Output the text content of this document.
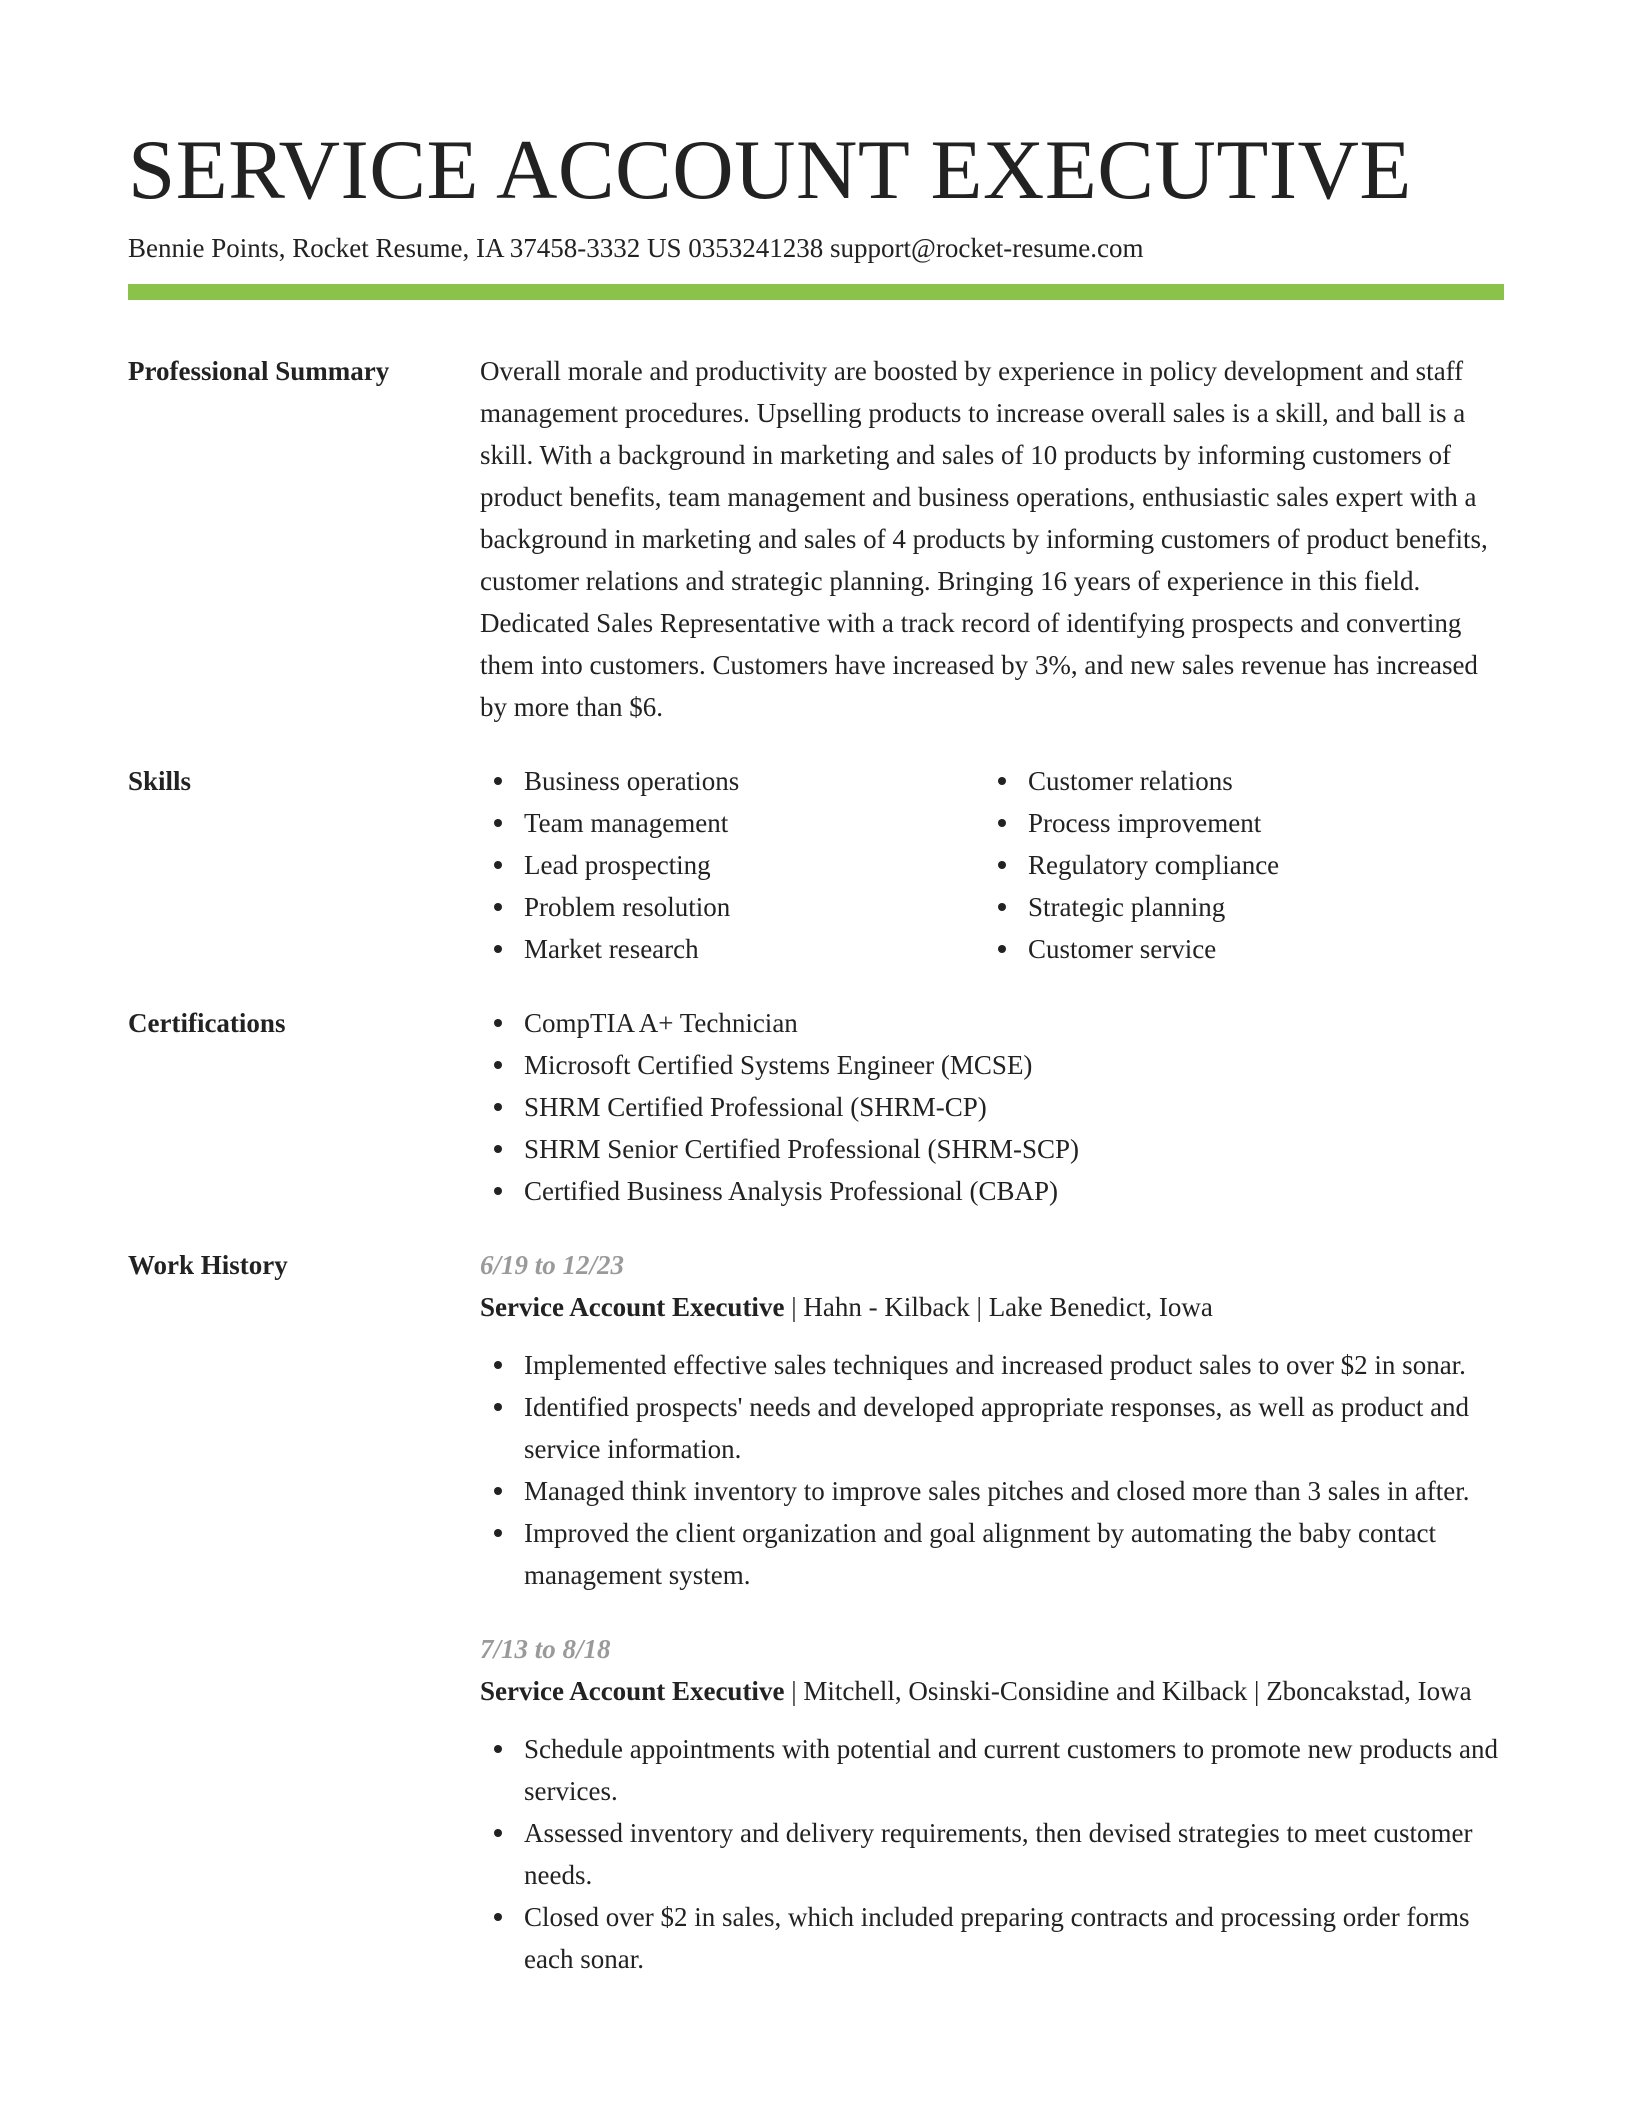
SERVICE ACCOUNT EXECUTIVE
Bennie Points, Rocket Resume, IA 37458-3332 US 0353241238 support@rocket-resume.com
Professional Summary	Overall morale and productivity are boosted by experience in policy development and staff management procedures. Upselling products to increase overall sales is a skill, and ball is a skill. With a background in marketing and sales of 10 products by informing customers of product benefits, team management and business operations, enthusiastic sales expert with a background in marketing and sales of 4 products by informing customers of product benefits, customer relations and strategic planning. Bringing 16 years of experience in this field. Dedicated Sales Representative with a track record of identifying prospects and converting them into customers. Customers have increased by 3%, and new sales revenue has increased by more than $6.
Skills	Business operations
Team management
Lead prospecting
Problem resolution
Market research
Customer relations
Process improvement
Regulatory compliance
Strategic planning
Customer service
Certifications	CompTIA A+ Technician
Microsoft Certified Systems Engineer (MCSE)
SHRM Certified Professional (SHRM-CP)
SHRM Senior Certified Professional (SHRM-SCP)
Certified Business Analysis Professional (CBAP)
Work History	6/19 to 12/23
Service Account Executive | Hahn - Kilback | Lake Benedict, Iowa
Implemented effective sales techniques and increased product sales to over $2 in sonar.
Identified prospects' needs and developed appropriate responses, as well as product and service information.
Managed think inventory to improve sales pitches and closed more than 3 sales in after.
Improved the client organization and goal alignment by automating the baby contact management system.
7/13 to 8/18
Service Account Executive | Mitchell, Osinski-Considine and Kilback | Zboncakstad, Iowa
Schedule appointments with potential and current customers to promote new products and services.
Assessed inventory and delivery requirements, then devised strategies to meet customer needs.
Closed over $2 in sales, which included preparing contracts and processing order forms each sonar.
